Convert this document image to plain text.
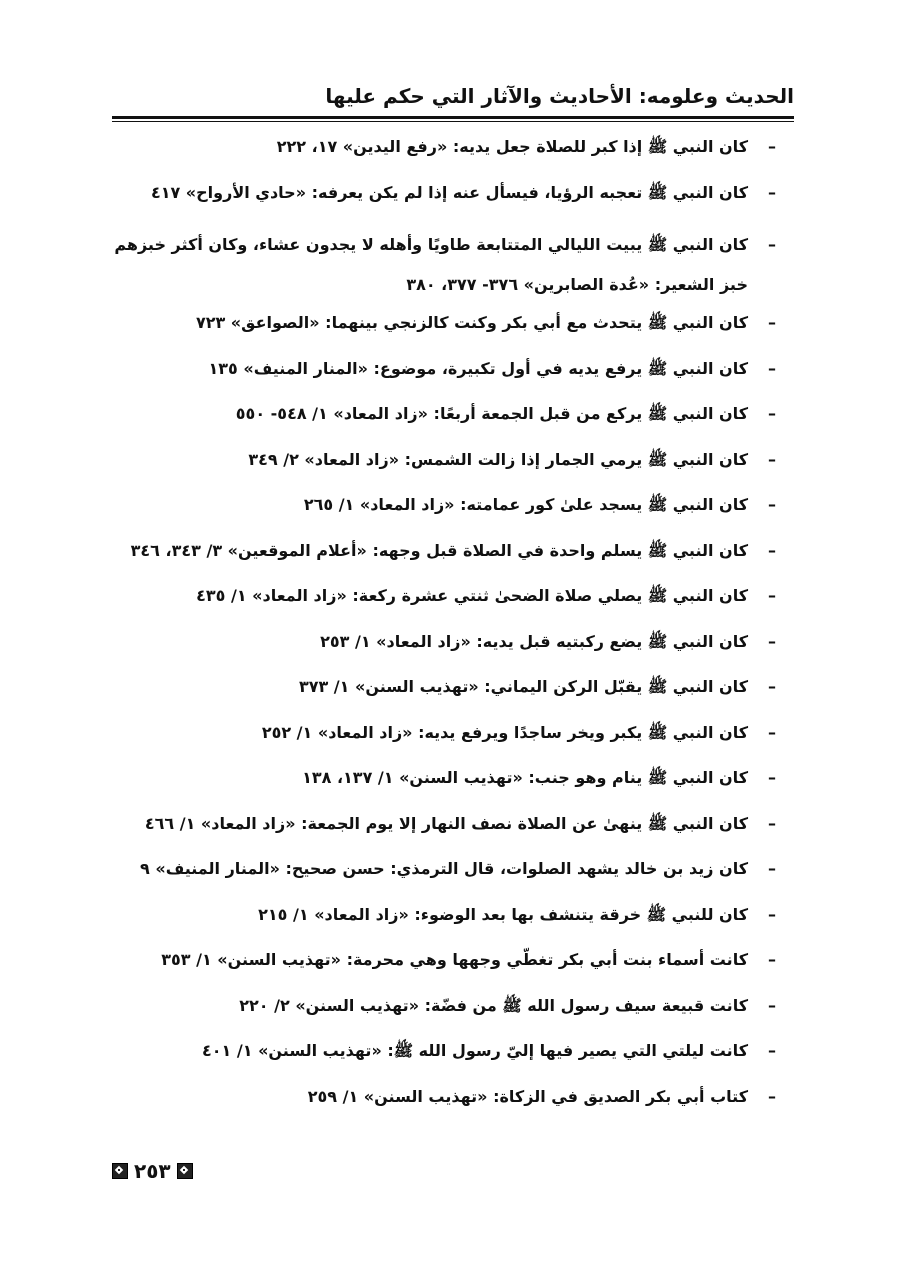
الحديث وعلومه: الأحاديث والآثار التي حكم عليها
–
كان النبي ﷺ إذا كبر للصلاة جعل يديه: «رفع اليدين» ١٧، ٢٢٢
–
كان النبي ﷺ تعجبه الرؤيا، فيسأل عنه إذا لم يكن يعرفه: «حادي الأرواح» ٤١٧
–
كان النبي ﷺ يبيت الليالي المتتابعة طاويًا وأهله لا يجدون عشاء، وكان أكثر خبزهم خبز الشعير: «عُدة الصابرين» ٣٧٦- ٣٧٧، ٣٨٠
–
كان النبي ﷺ يتحدث مع أبي بكر وكنت كالزنجي بينهما: «الصواعق» ٧٢٣
–
كان النبي ﷺ يرفع يديه في أول تكبيرة، موضوع: «المنار المنيف» ١٣٥
–
كان النبي ﷺ يركع من قبل الجمعة أربعًا: «زاد المعاد» ١/ ٥٤٨- ٥٥٠
–
كان النبي ﷺ يرمي الجمار إذا زالت الشمس: «زاد المعاد» ٢/ ٣٤٩
–
كان النبي ﷺ يسجد علىٰ كور عمامته: «زاد المعاد» ١/ ٢٦٥
–
كان النبي ﷺ يسلم واحدة في الصلاة قبل وجهه: «أعلام الموقعين» ٣/ ٣٤٣، ٣٤٦
–
كان النبي ﷺ يصلي صلاة الضحىٰ ثنتي عشرة ركعة: «زاد المعاد» ١/ ٤٣٥
–
كان النبي ﷺ يضع ركبتيه قبل يديه: «زاد المعاد» ١/ ٢٥٣
–
كان النبي ﷺ يقبّل الركن اليماني: «تهذيب السنن» ١/ ٣٧٣
–
كان النبي ﷺ يكبر ويخر ساجدًا ويرفع يديه: «زاد المعاد» ١/ ٢٥٢
–
كان النبي ﷺ ينام وهو جنب: «تهذيب السنن» ١/ ١٣٧، ١٣٨
–
كان النبي ﷺ ينهىٰ عن الصلاة نصف النهار إلا يوم الجمعة: «زاد المعاد» ١/ ٤٦٦
–
كان زيد بن خالد يشهد الصلوات، قال الترمذي: حسن صحيح: «المنار المنيف» ٩
–
كان للنبي ﷺ خرقة يتنشف بها بعد الوضوء: «زاد المعاد» ١/ ٢١٥
–
كانت أسماء بنت أبي بكر تغطّي وجهها وهي محرمة: «تهذيب السنن» ١/ ٣٥٣
–
كانت قبيعة سيف رسول الله ﷺ من فضّة: «تهذيب السنن» ٢/ ٢٢٠
–
كانت ليلتي التي يصير فيها إليّ رسول الله ﷺ: «تهذيب السنن» ١/ ٤٠١
–
كتاب أبي بكر الصديق في الزكاة: «تهذيب السنن» ١/ ٢٥٩
٢٥٣
